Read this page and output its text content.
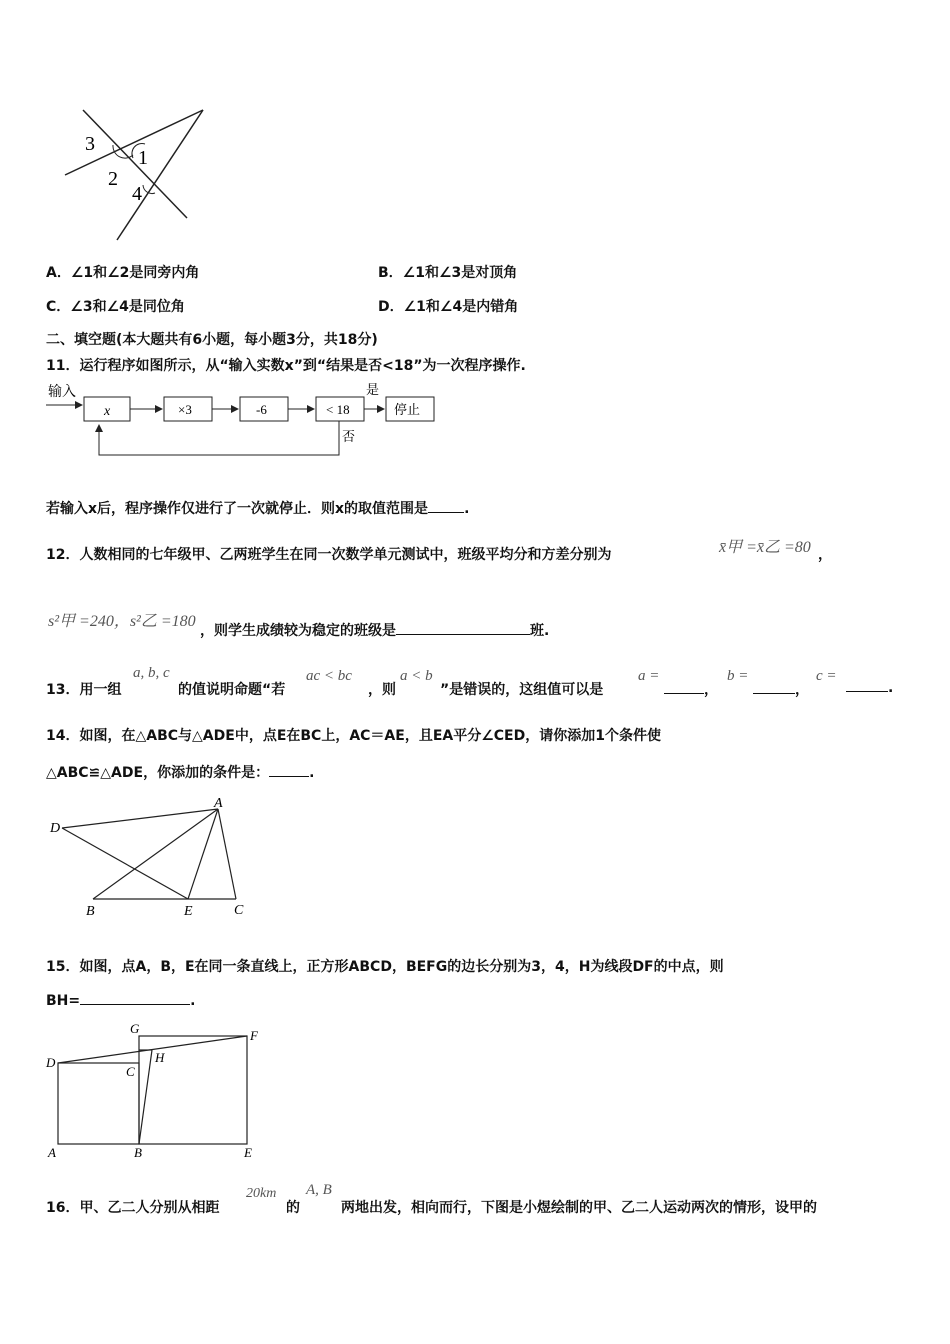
3
1
2
4
A．∠1和∠2是同旁内角	B．∠1和∠3是对顶角
C．∠3和∠4是同位角	D．∠1和∠4是内错角
二、填空题(本大题共有6小题，每小题3分，共18分)
11．运行程序如图所示，从“输入实数x”到“结果是否<18”为一次程序操作.
输入
x	×3	-6	< 18
是
停止
否
若输入x后，程序操作仅进行了一次就停止．则x的取值范围是	.
12．人数相同的七年级甲、乙两班学生在同一次数学单元测试中，班级平均分和方差分别为	x̄甲 =x̄乙 =80 ，
s²甲 =240，s²乙 =180
，则学生成绩较为稳定的班级是	班.
13．用一组
a, b, c
的值说明命题“若
ac < bc
，则
a < b
”是错误的，这组值可以是
a =
，
b =
，
c =
.
14．如图，在△ABC与△ADE中，点E在BC上，AC＝AE，且EA平分∠CED，请你添加1个条件使
△ABC≌△ADE，你添加的条件是：	.
A
D
B	E	C
15．如图，点A，B，E在同一条直线上，正方形ABCD，BEFG的边长分别为3，4，H为线段DF的中点，则
BH=	.
G	F
D	H
C
A	B	E
16．甲、乙二人分别从相距
20km
的
A, B
两地出发，相向而行，下图是小煜绘制的甲、乙二人运动两次的情形，设甲的
